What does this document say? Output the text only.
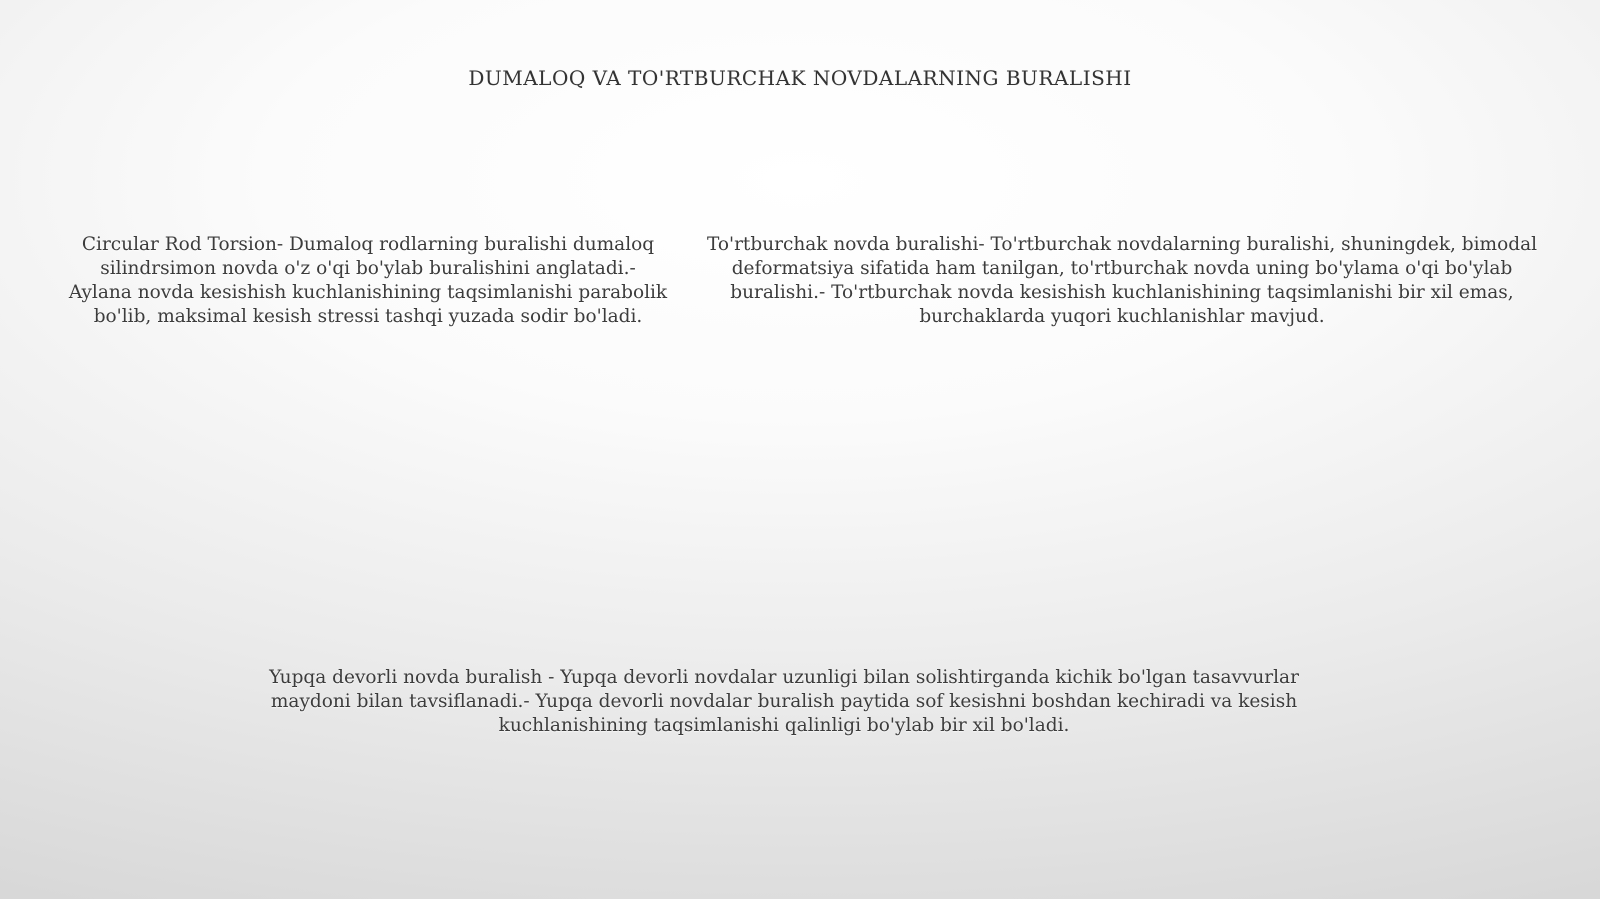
DUMALOQ VA TO'RTBURCHAK NOVDALARNING BURALISHI

Circular Rod Torsion- Dumaloq rodlarning buralishi dumaloq silindrsimon novda o'z o'qi bo'ylab buralishini anglatadi.- Aylana novda kesishish kuchlanishining taqsimlanishi parabolik bo'lib, maksimal kesish stressi tashqi yuzada sodir bo'ladi.

To'rtburchak novda buralishi- To'rtburchak novdalarning buralishi, shuningdek, bimodal deformatsiya sifatida ham tanilgan, to'rtburchak novda uning bo'ylama o'qi bo'ylab buralishi.- To'rtburchak novda kesishish kuchlanishining taqsimlanishi bir xil emas, burchaklarda yuqori kuchlanishlar mavjud.

Yupqa devorli novda buralish - Yupqa devorli novdalar uzunligi bilan solishtirganda kichik bo'lgan tasavvurlar maydoni bilan tavsiflanadi.- Yupqa devorli novdalar buralish paytida sof kesishni boshdan kechiradi va kesish kuchlanishining taqsimlanishi qalinligi bo'ylab bir xil bo'ladi.
